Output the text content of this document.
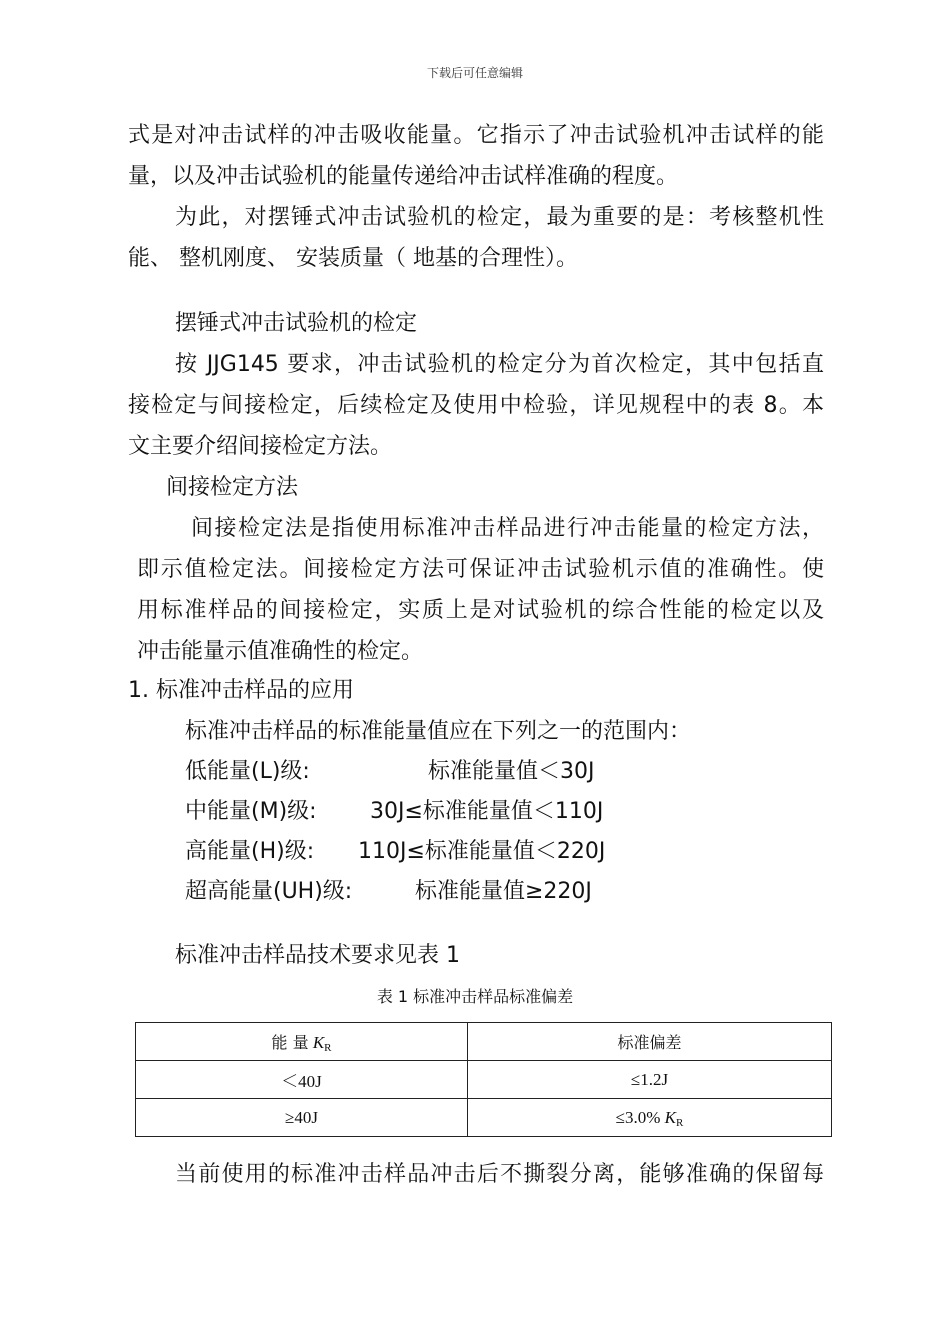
下载后可任意编辑
式是对冲击试样的冲击吸收能量。它指示了冲击试验机冲击试样的能
量，以及冲击试验机的能量传递给冲击试样准确的程度。
为此，对摆锤式冲击试验机的检定，最为重要的是：考核整机性
能、 整机刚度、 安装质量（ 地基的合理性）。
摆锤式冲击试验机的检定
按 JJG145 要求，冲击试验机的检定分为首次检定，其中包括直
接检定与间接检定，后续检定及使用中检验，详见规程中的表 8。本
文主要介绍间接检定方法。
间接检定方法
间接检定法是指使用标准冲击样品进行冲击能量的检定方法，
即示值检定法。间接检定方法可保证冲击试验机示值的准确性。使
用标准样品的间接检定，实质上是对试验机的综合性能的检定以及
冲击能量示值准确性的检定。
1. 标准冲击样品的应用
标准冲击样品的标准能量值应在下列之一的范围内：
低能量(L)级:	标准能量值＜30J
中能量(M)级: 30J≤标准能量值＜110J
高能量(H)级: 110J≤标准能量值＜220J
超高能量(UH)级:	标准能量值≥220J
标准冲击样品技术要求见表 1
表 1 标准冲击样品标准偏差
能 量 KR	标准偏差
＜40J	≤1.2J
≥40J	≤3.0% KR
当前使用的标准冲击样品冲击后不撕裂分离，能够准确的保留每
